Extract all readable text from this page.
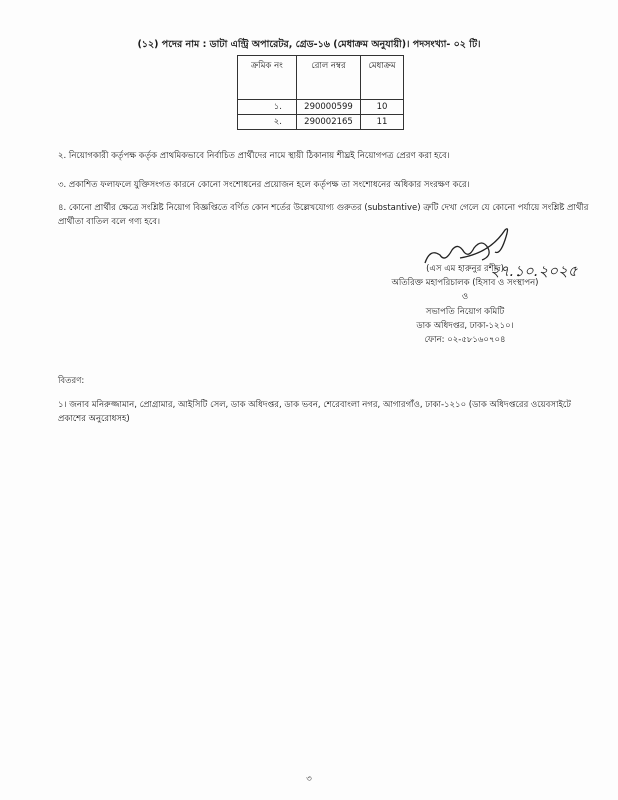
(১২) পদের নাম : ডাটা এন্ট্রি অপারেটর, গ্রেড-১৬ (মেধাক্রম অনুযায়ী)। পদসংখ্যা- ০২ টি।
ক্রমিক নং	রোল নম্বর	মেধাক্রম
১.	290000599	10
২.	290002165	11
২. নিয়োগকারী কর্তৃপক্ষ কর্তৃক প্রাথমিকভাবে নির্বাচিত প্রার্থীদের নামে স্থায়ী ঠিকানায় শীঘ্রই নিয়োগপত্র প্রেরণ করা হবে।
৩. প্রকাশিত ফলাফলে যুক্তিসংগত কারনে কোনো সংশোধনের প্রয়োজন হলে কর্তৃপক্ষ তা সংশোধনের অধিকার সংরক্ষণ করে।
৪. কোনো প্রার্থীর ক্ষেত্রে সংশ্লিষ্ট নিয়োগ বিজ্ঞপ্তিতে বর্ণিত কোন শর্তের উল্লেখযোগ্য গুরুতর (substantive) ত্রুটি দেখা গেলে যে কোনো পর্যায়ে সংশ্লিষ্ট প্রার্থীর প্রার্থীতা বাতিল বলে গণ্য হবে।
২৭.১০.২০২৫
(এস এম হারুনুর রশীদ)
অতিরিক্ত মহাপরিচালক (হিসাব ও সংস্থাপন)
ও
সভাপতি নিয়োগ কমিটি
ডাক অধিদপ্তর, ঢাকা-১২১০।
ফোন: ০২-৫৮১৬০৭০৪
বিতরণ:
১। জনাব মনিরুজ্জামান, প্রোগ্রামার, আইসিটি সেল, ডাক অধিদপ্তর, ডাক ভবন, শেরেবাংলা নগর, আগারগাঁও, ঢাকা-১২১০ (ডাক অধিদপ্তরের ওয়েবসাইটে প্রকাশের অনুরোধসহ)
৩
